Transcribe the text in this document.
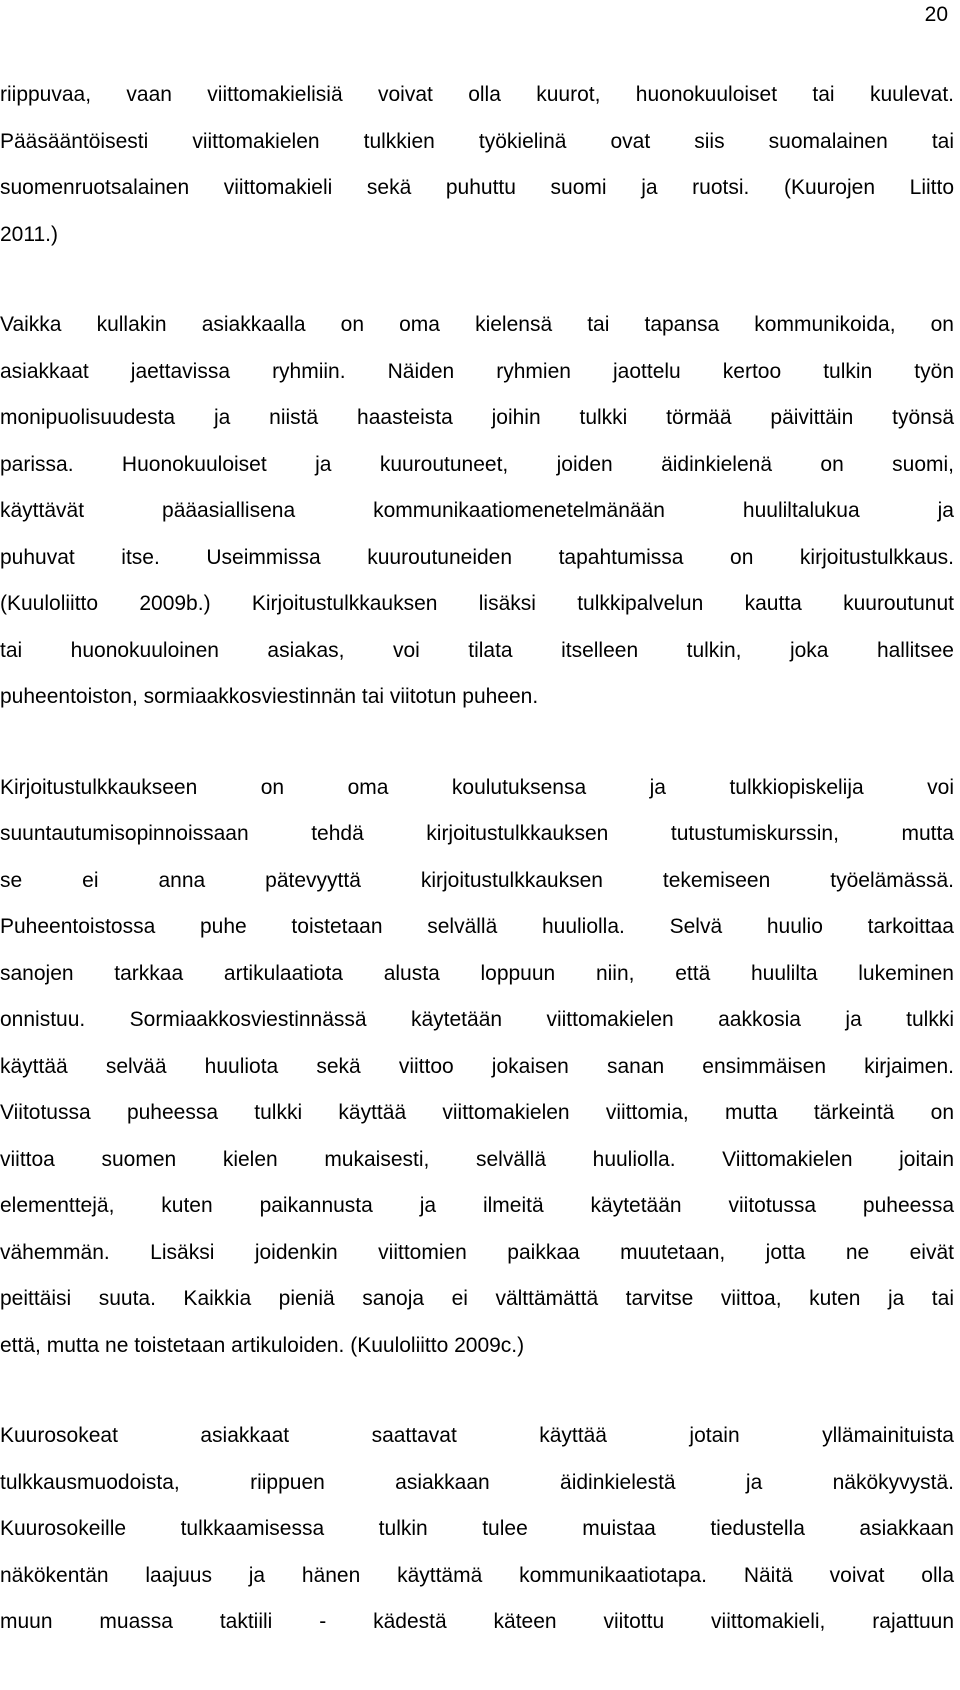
20
riippuvaa, vaan viittomakielisiä voivat olla kuurot, huonokuuloiset tai kuulevat.
Pääsääntöisesti viittomakielen tulkkien työkielinä ovat siis suomalainen tai
suomenruotsalainen viittomakieli sekä puhuttu suomi ja ruotsi. (Kuurojen Liitto
2011.)
Vaikka kullakin asiakkaalla on oma kielensä tai tapansa kommunikoida, on
asiakkaat jaettavissa ryhmiin. Näiden ryhmien jaottelu kertoo tulkin työn
monipuolisuudesta ja niistä haasteista joihin tulkki törmää päivittäin työnsä
parissa. Huonokuuloiset ja kuuroutuneet, joiden äidinkielenä on suomi,
käyttävät pääasiallisena kommunikaatiomenetelmänään huuliltalukua ja
puhuvat itse. Useimmissa kuuroutuneiden tapahtumissa on kirjoitustulkkaus.
(Kuuloliitto 2009b.) Kirjoitustulkkauksen lisäksi tulkkipalvelun kautta kuuroutunut
tai huonokuuloinen asiakas, voi tilata itselleen tulkin, joka hallitsee
puheentoiston, sormiaakkosviestinnän tai viitotun puheen.
Kirjoitustulkkaukseen on oma koulutuksensa ja tulkkiopiskelija voi
suuntautumisopinnoissaan tehdä kirjoitustulkkauksen tutustumiskurssin, mutta
se ei anna pätevyyttä kirjoitustulkkauksen tekemiseen työelämässä.
Puheentoistossa puhe toistetaan selvällä huuliolla. Selvä huulio tarkoittaa
sanojen tarkkaa artikulaatiota alusta loppuun niin, että huulilta lukeminen
onnistuu. Sormiaakkosviestinnässä käytetään viittomakielen aakkosia ja tulkki
käyttää selvää huuliota sekä viittoo jokaisen sanan ensimmäisen kirjaimen.
Viitotussa puheessa tulkki käyttää viittomakielen viittomia, mutta tärkeintä on
viittoa suomen kielen mukaisesti, selvällä huuliolla. Viittomakielen joitain
elementtejä, kuten paikannusta ja ilmeitä käytetään viitotussa puheessa
vähemmän. Lisäksi joidenkin viittomien paikkaa muutetaan, jotta ne eivät
peittäisi suuta. Kaikkia pieniä sanoja ei välttämättä tarvitse viittoa, kuten ja tai
että, mutta ne toistetaan artikuloiden. (Kuuloliitto 2009c.)
Kuurosokeat asiakkaat saattavat käyttää jotain yllämainituista
tulkkausmuodoista, riippuen asiakkaan äidinkielestä ja näkökyvystä.
Kuurosokeille tulkkaamisessa tulkin tulee muistaa tiedustella asiakkaan
näkökentän laajuus ja hänen käyttämä kommunikaatiotapa. Näitä voivat olla
muun muassa taktiili - kädestä käteen viitottu viittomakieli, rajattuun
